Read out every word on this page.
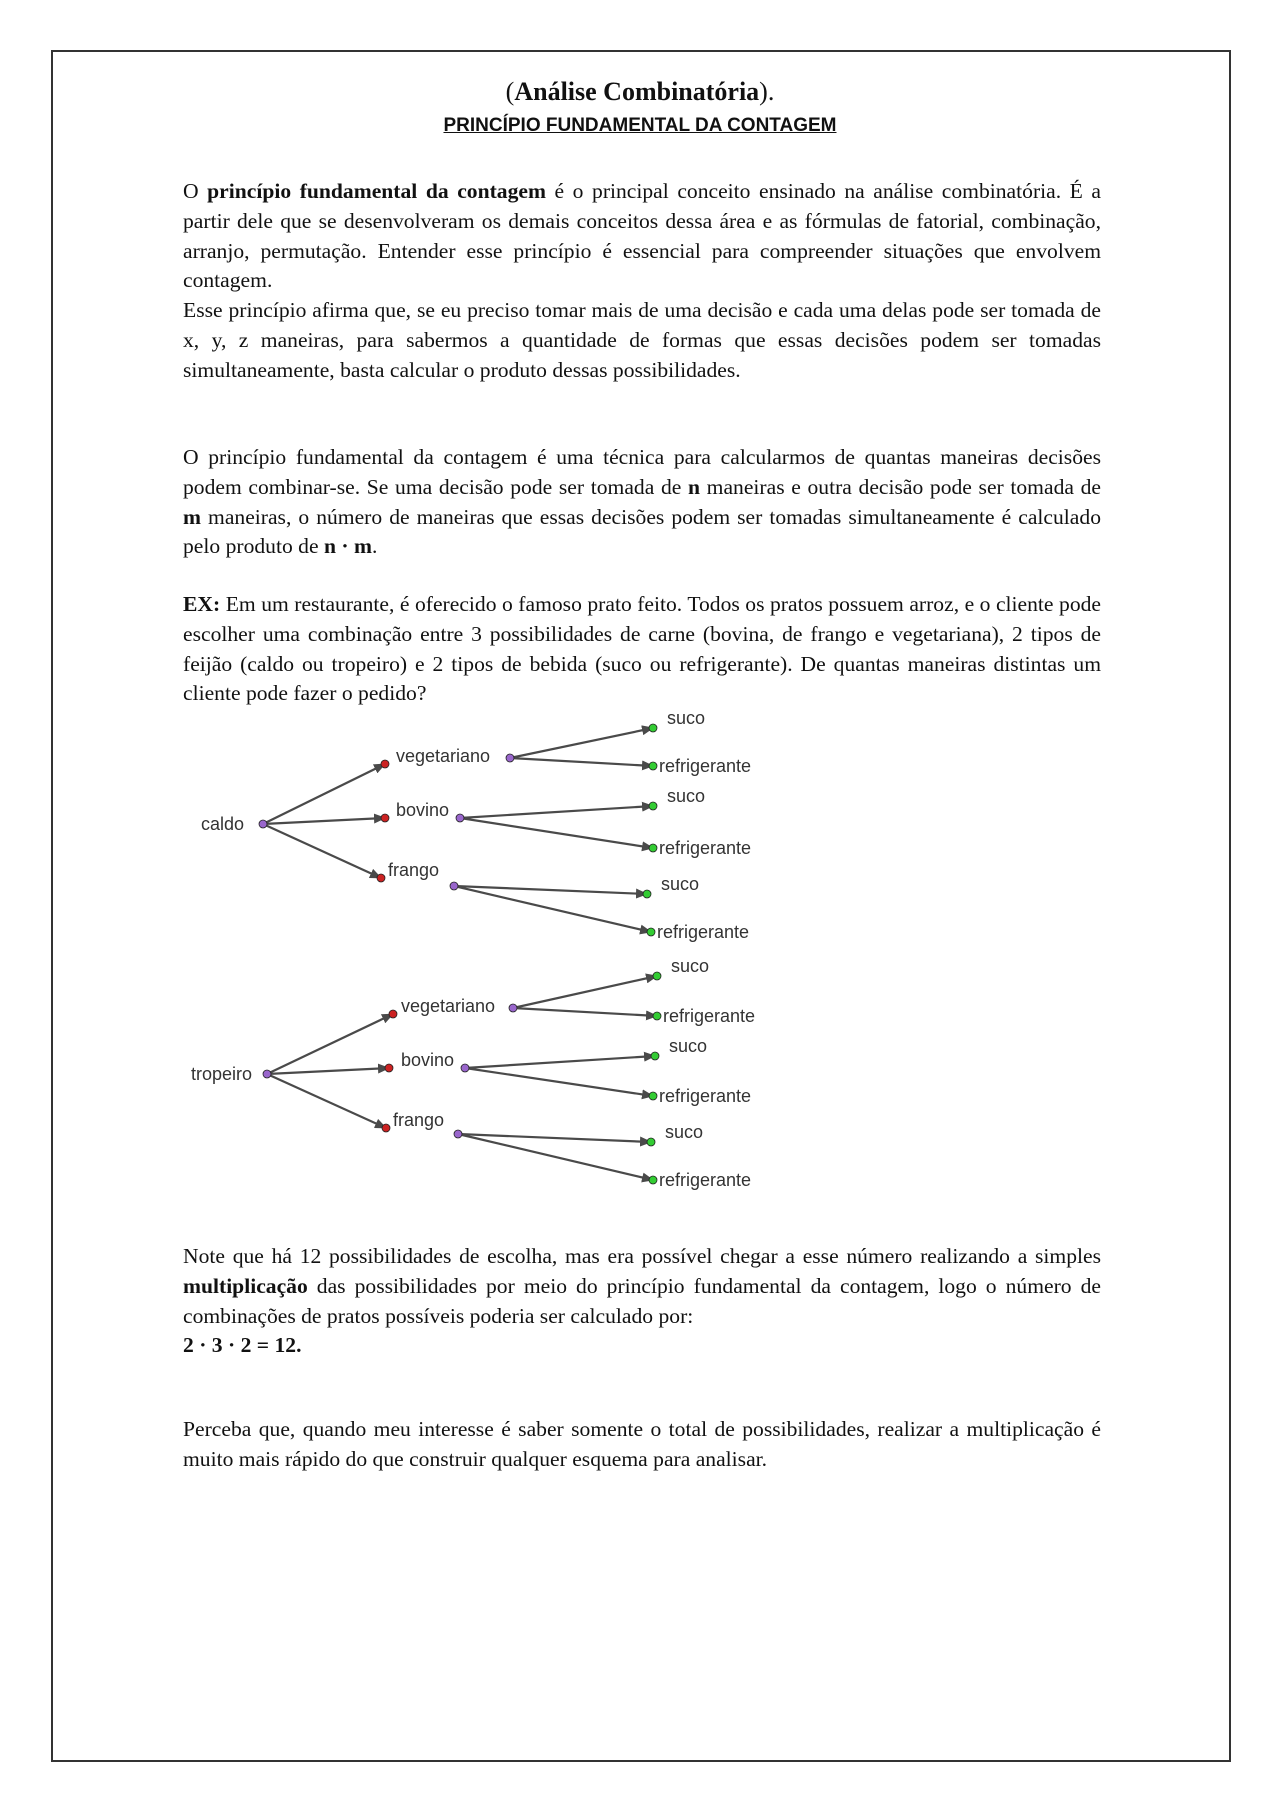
(Análise Combinatória).
PRINCÍPIO FUNDAMENTAL DA CONTAGEM
O princípio fundamental da contagem é o principal conceito ensinado na análise combinatória. É a partir dele que se desenvolveram os demais conceitos dessa área e as fórmulas de fatorial, combinação, arranjo, permutação. Entender esse princípio é essencial para compreender situações que envolvem contagem.
Esse princípio afirma que, se eu preciso tomar mais de uma decisão e cada uma delas pode ser tomada de x, y, z maneiras, para sabermos a quantidade de formas que essas decisões podem ser tomadas simultaneamente, basta calcular o produto dessas possibilidades.
O princípio fundamental da contagem é uma técnica para calcularmos de quantas maneiras decisões podem combinar-se. Se uma decisão pode ser tomada de n maneiras e outra decisão pode ser tomada de m maneiras, o número de maneiras que essas decisões podem ser tomadas simultaneamente é calculado pelo produto de n · m.
EX: Em um restaurante, é oferecido o famoso prato feito. Todos os pratos possuem arroz, e o cliente pode escolher uma combinação entre 3 possibilidades de carne (bovina, de frango e vegetariana), 2 tipos de feijão (caldo ou tropeiro) e 2 tipos de bebida (suco ou refrigerante). De quantas maneiras distintas um cliente pode fazer o pedido?
caldo
vegetariano
suco
refrigerante
bovino
suco
refrigerante
frango
suco
refrigerante
tropeiro
vegetariano
suco
refrigerante
bovino
suco
refrigerante
frango
suco
refrigerante
Note que há 12 possibilidades de escolha, mas era possível chegar a esse número realizando a simples multiplicação das possibilidades por meio do princípio fundamental da contagem, logo o número de combinações de pratos possíveis poderia ser calculado por:
2 · 3 · 2 = 12.
Perceba que, quando meu interesse é saber somente o total de possibilidades, realizar a multiplicação é muito mais rápido do que construir qualquer esquema para analisar.
